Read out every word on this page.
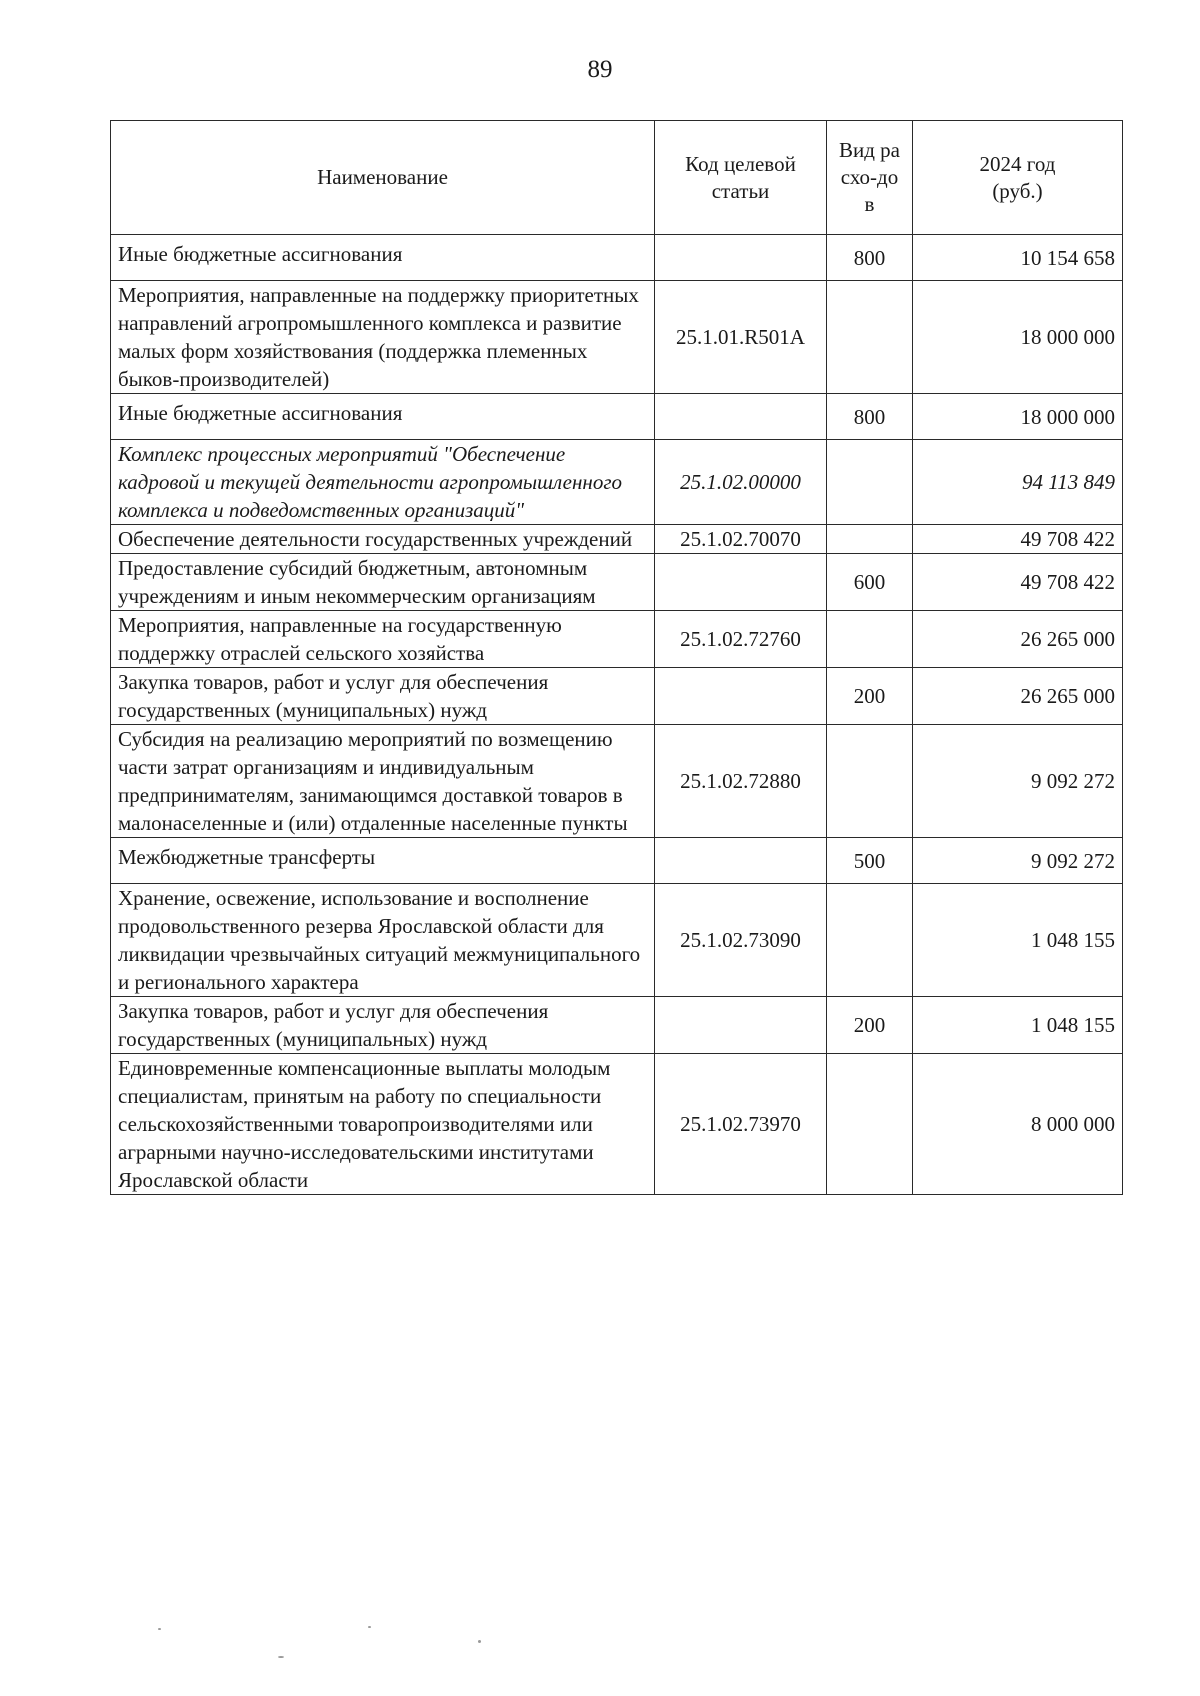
89
Наименование	Код целевой статьи	Вид расхо-дов	2024 год (руб.)

Иные бюджетные ассигнования		800	10 154 658
Мероприятия, направленные на поддержку приоритетных направлений агропромышленного комплекса и развитие малых форм хозяйствования (поддержка племенных быков-производителей)	25.1.01.R501A		18 000 000
Иные бюджетные ассигнования		800	18 000 000
Комплекс процессных мероприятий "Обеспечение кадровой и текущей деятельности агропромышленного комплекса и подведомственных организаций"	25.1.02.00000		94 113 849
Обеспечение деятельности государственных учреждений	25.1.02.70070		49 708 422
Предоставление субсидий бюджетным, автономным учреждениям и иным некоммерческим организациям		600	49 708 422
Мероприятия, направленные на государственную поддержку отраслей сельского хозяйства	25.1.02.72760		26 265 000
Закупка товаров, работ и услуг для обеспечения государственных (муниципальных) нужд		200	26 265 000
Субсидия на реализацию мероприятий по возмещению части затрат организациям и индивидуальным предпринимателям, занимающимся доставкой товаров в малонаселенные и (или) отдаленные населенные пункты	25.1.02.72880		9 092 272
Межбюджетные трансферты		500	9 092 272
Хранение, освежение, использование и восполнение продовольственного резерва Ярославской области для ликвидации чрезвычайных ситуаций межмуниципального и регионального характера	25.1.02.73090		1 048 155
Закупка товаров, работ и услуг для обеспечения государственных (муниципальных) нужд		200	1 048 155
Единовременные компенсационные выплаты молодым специалистам, принятым на работу по специальности сельскохозяйственными товаропроизводителями или аграрными научно-исследовательскими институтами Ярославской области	25.1.02.73970		8 000 000
